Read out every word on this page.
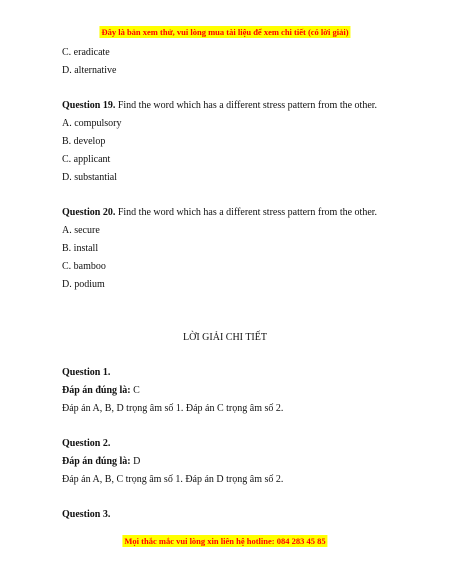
Đây là bản xem thử, vui lòng mua tài liệu để xem chi tiết (có lời giải)
C. eradicate
D. alternative
Question 19. Find the word which has a different stress pattern from the other.
A. compulsory
B. develop
C. applicant
D. substantial
Question 20. Find the word which has a different stress pattern from the other.
A. secure
B. install
C. bamboo
D. podium
LỜI GIẢI CHI TIẾT
Question 1.
Đáp án đúng là: C
Đáp án A, B, D trọng âm số 1. Đáp án C trọng âm số 2.
Question 2.
Đáp án đúng là: D
Đáp án A, B, C trọng âm số 1. Đáp án D trọng âm số 2.
Question 3.
Mọi thắc mắc vui lòng xin liên hệ hotline: 084 283 45 85
